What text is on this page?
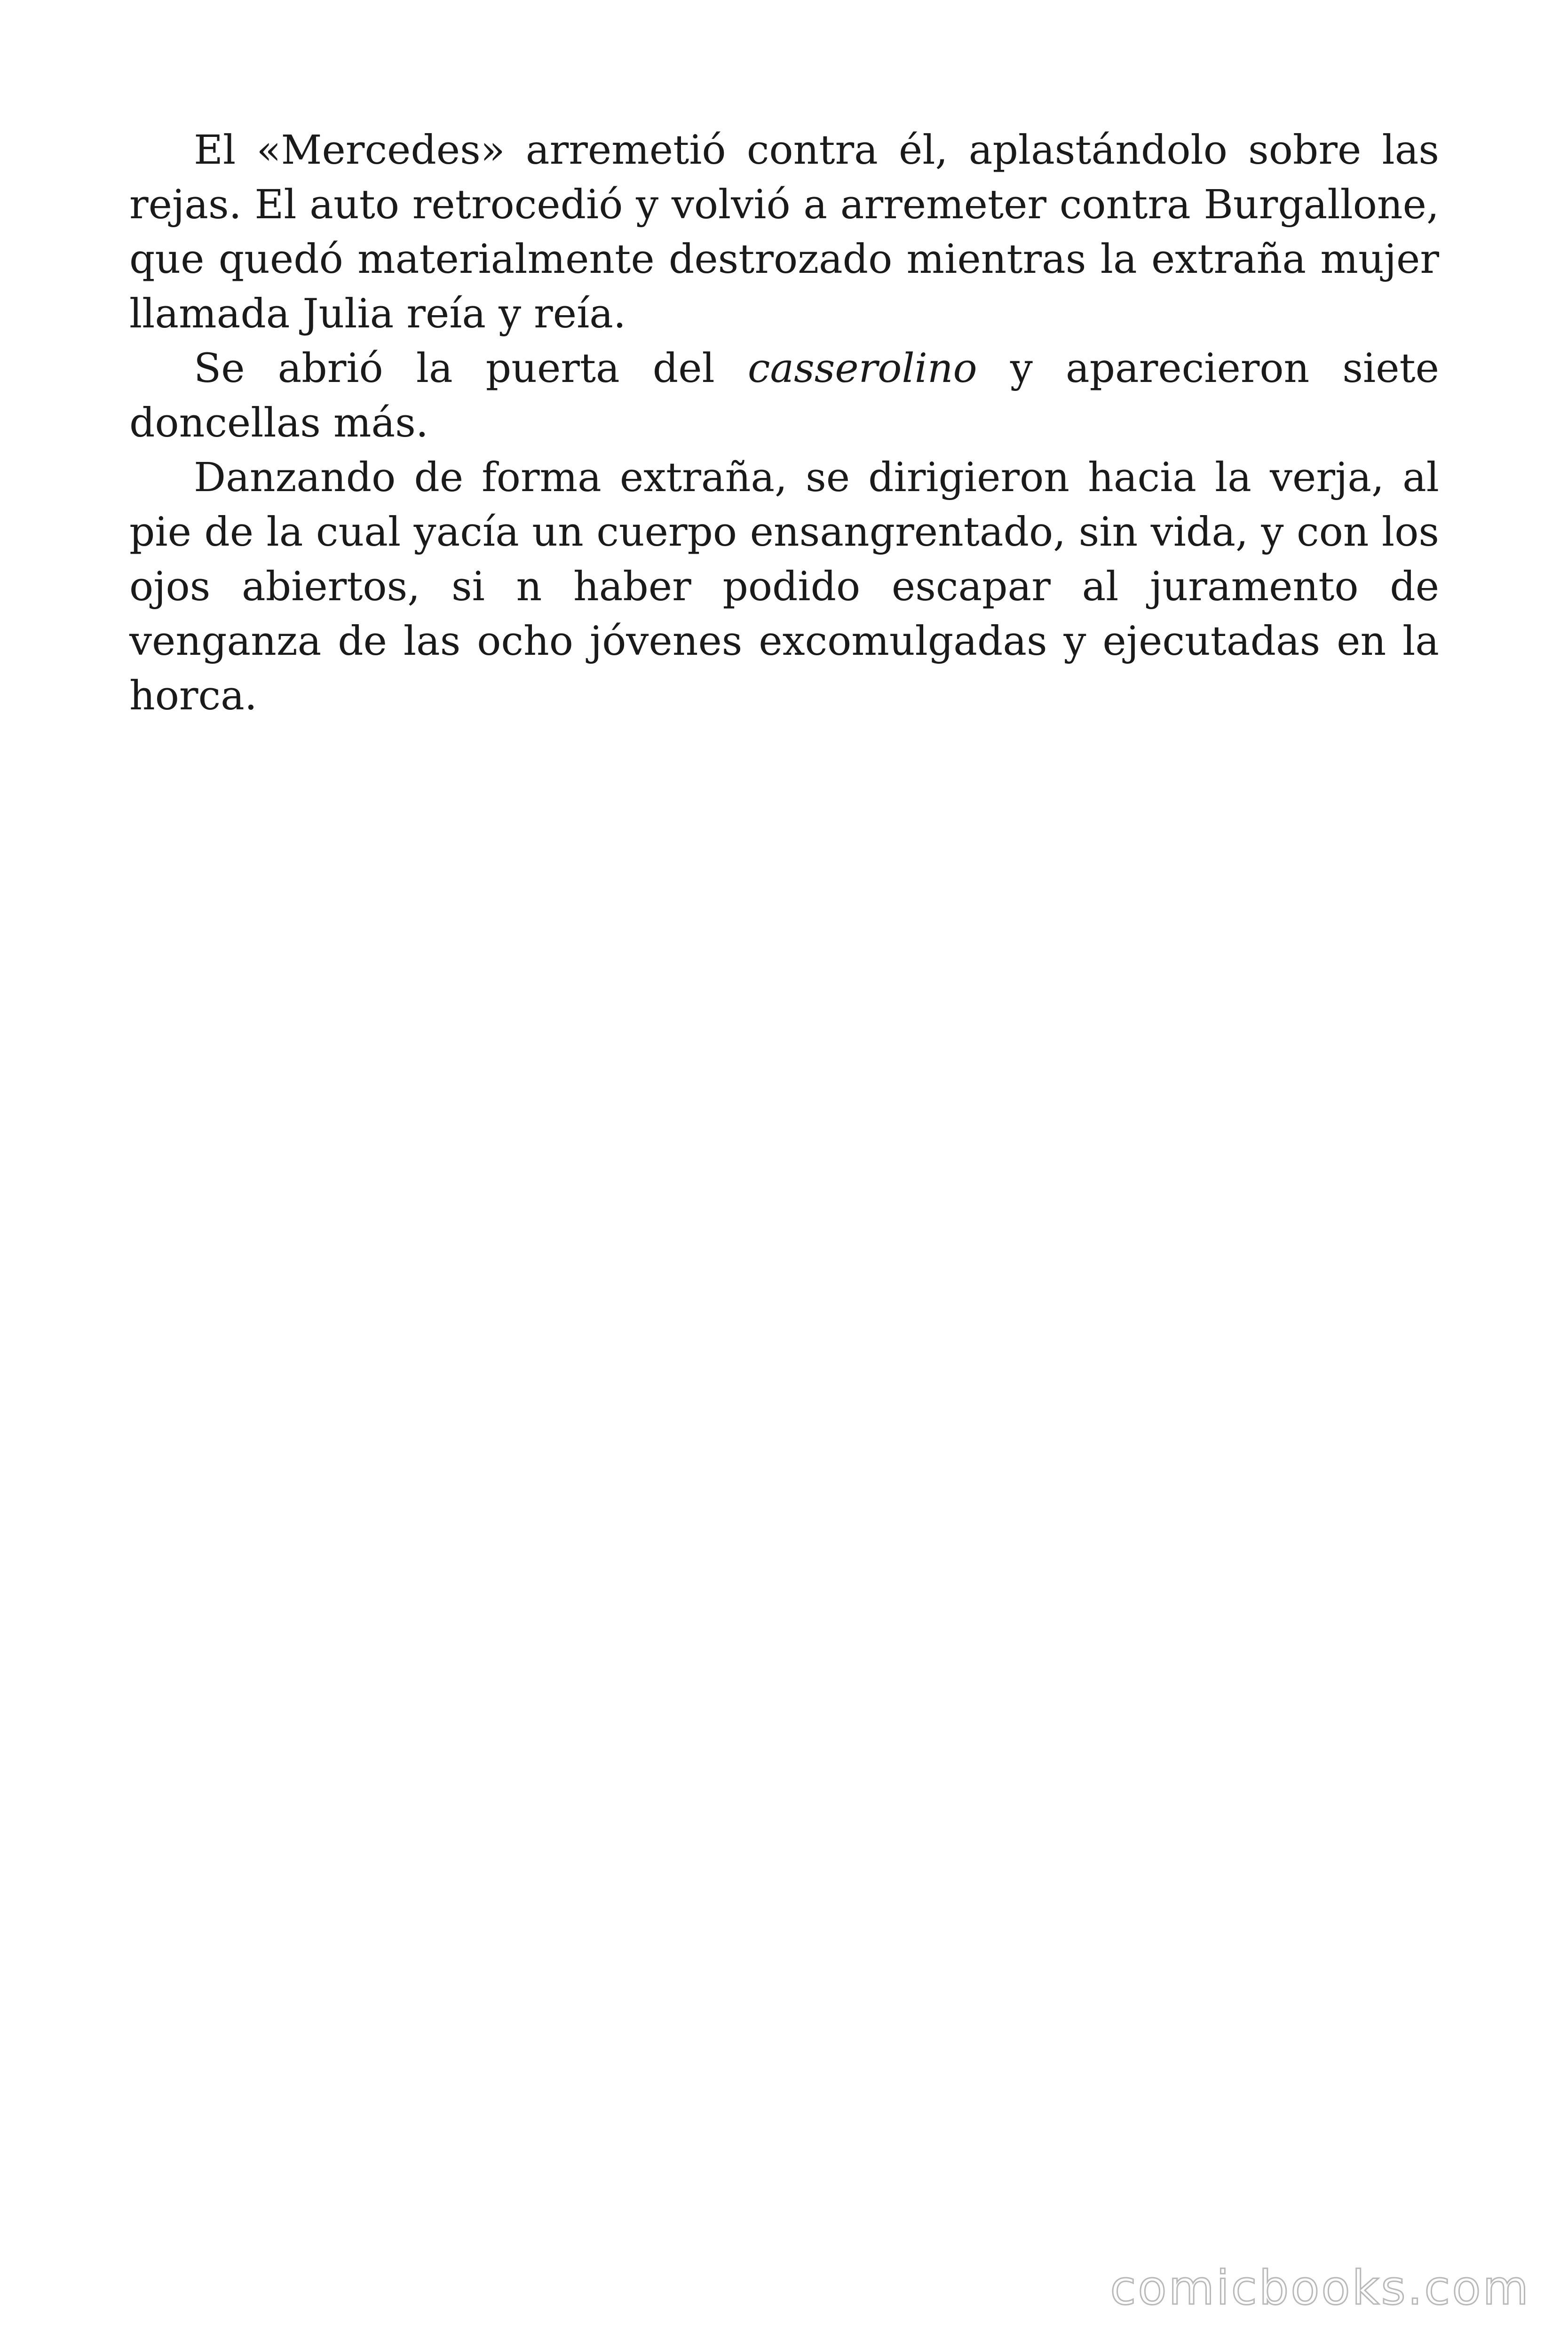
El «Mercedes» arremetió contra él, aplastándolo sobre las rejas. El auto retrocedió y volvió a arremeter contra Burgallone, que quedó materialmente destrozado mientras la extraña mujer llamada Julia reía y reía.

Se abrió la puerta del casserolino y aparecieron siete doncellas más.

Danzando de forma extraña, se dirigieron hacia la verja, al pie de la cual yacía un cuerpo ensangrentado, sin vida, y con los ojos abiertos, si n haber podido escapar al juramento de venganza de las ocho jóvenes excomulgadas y ejecutadas en la horca.

comicbooks.com
